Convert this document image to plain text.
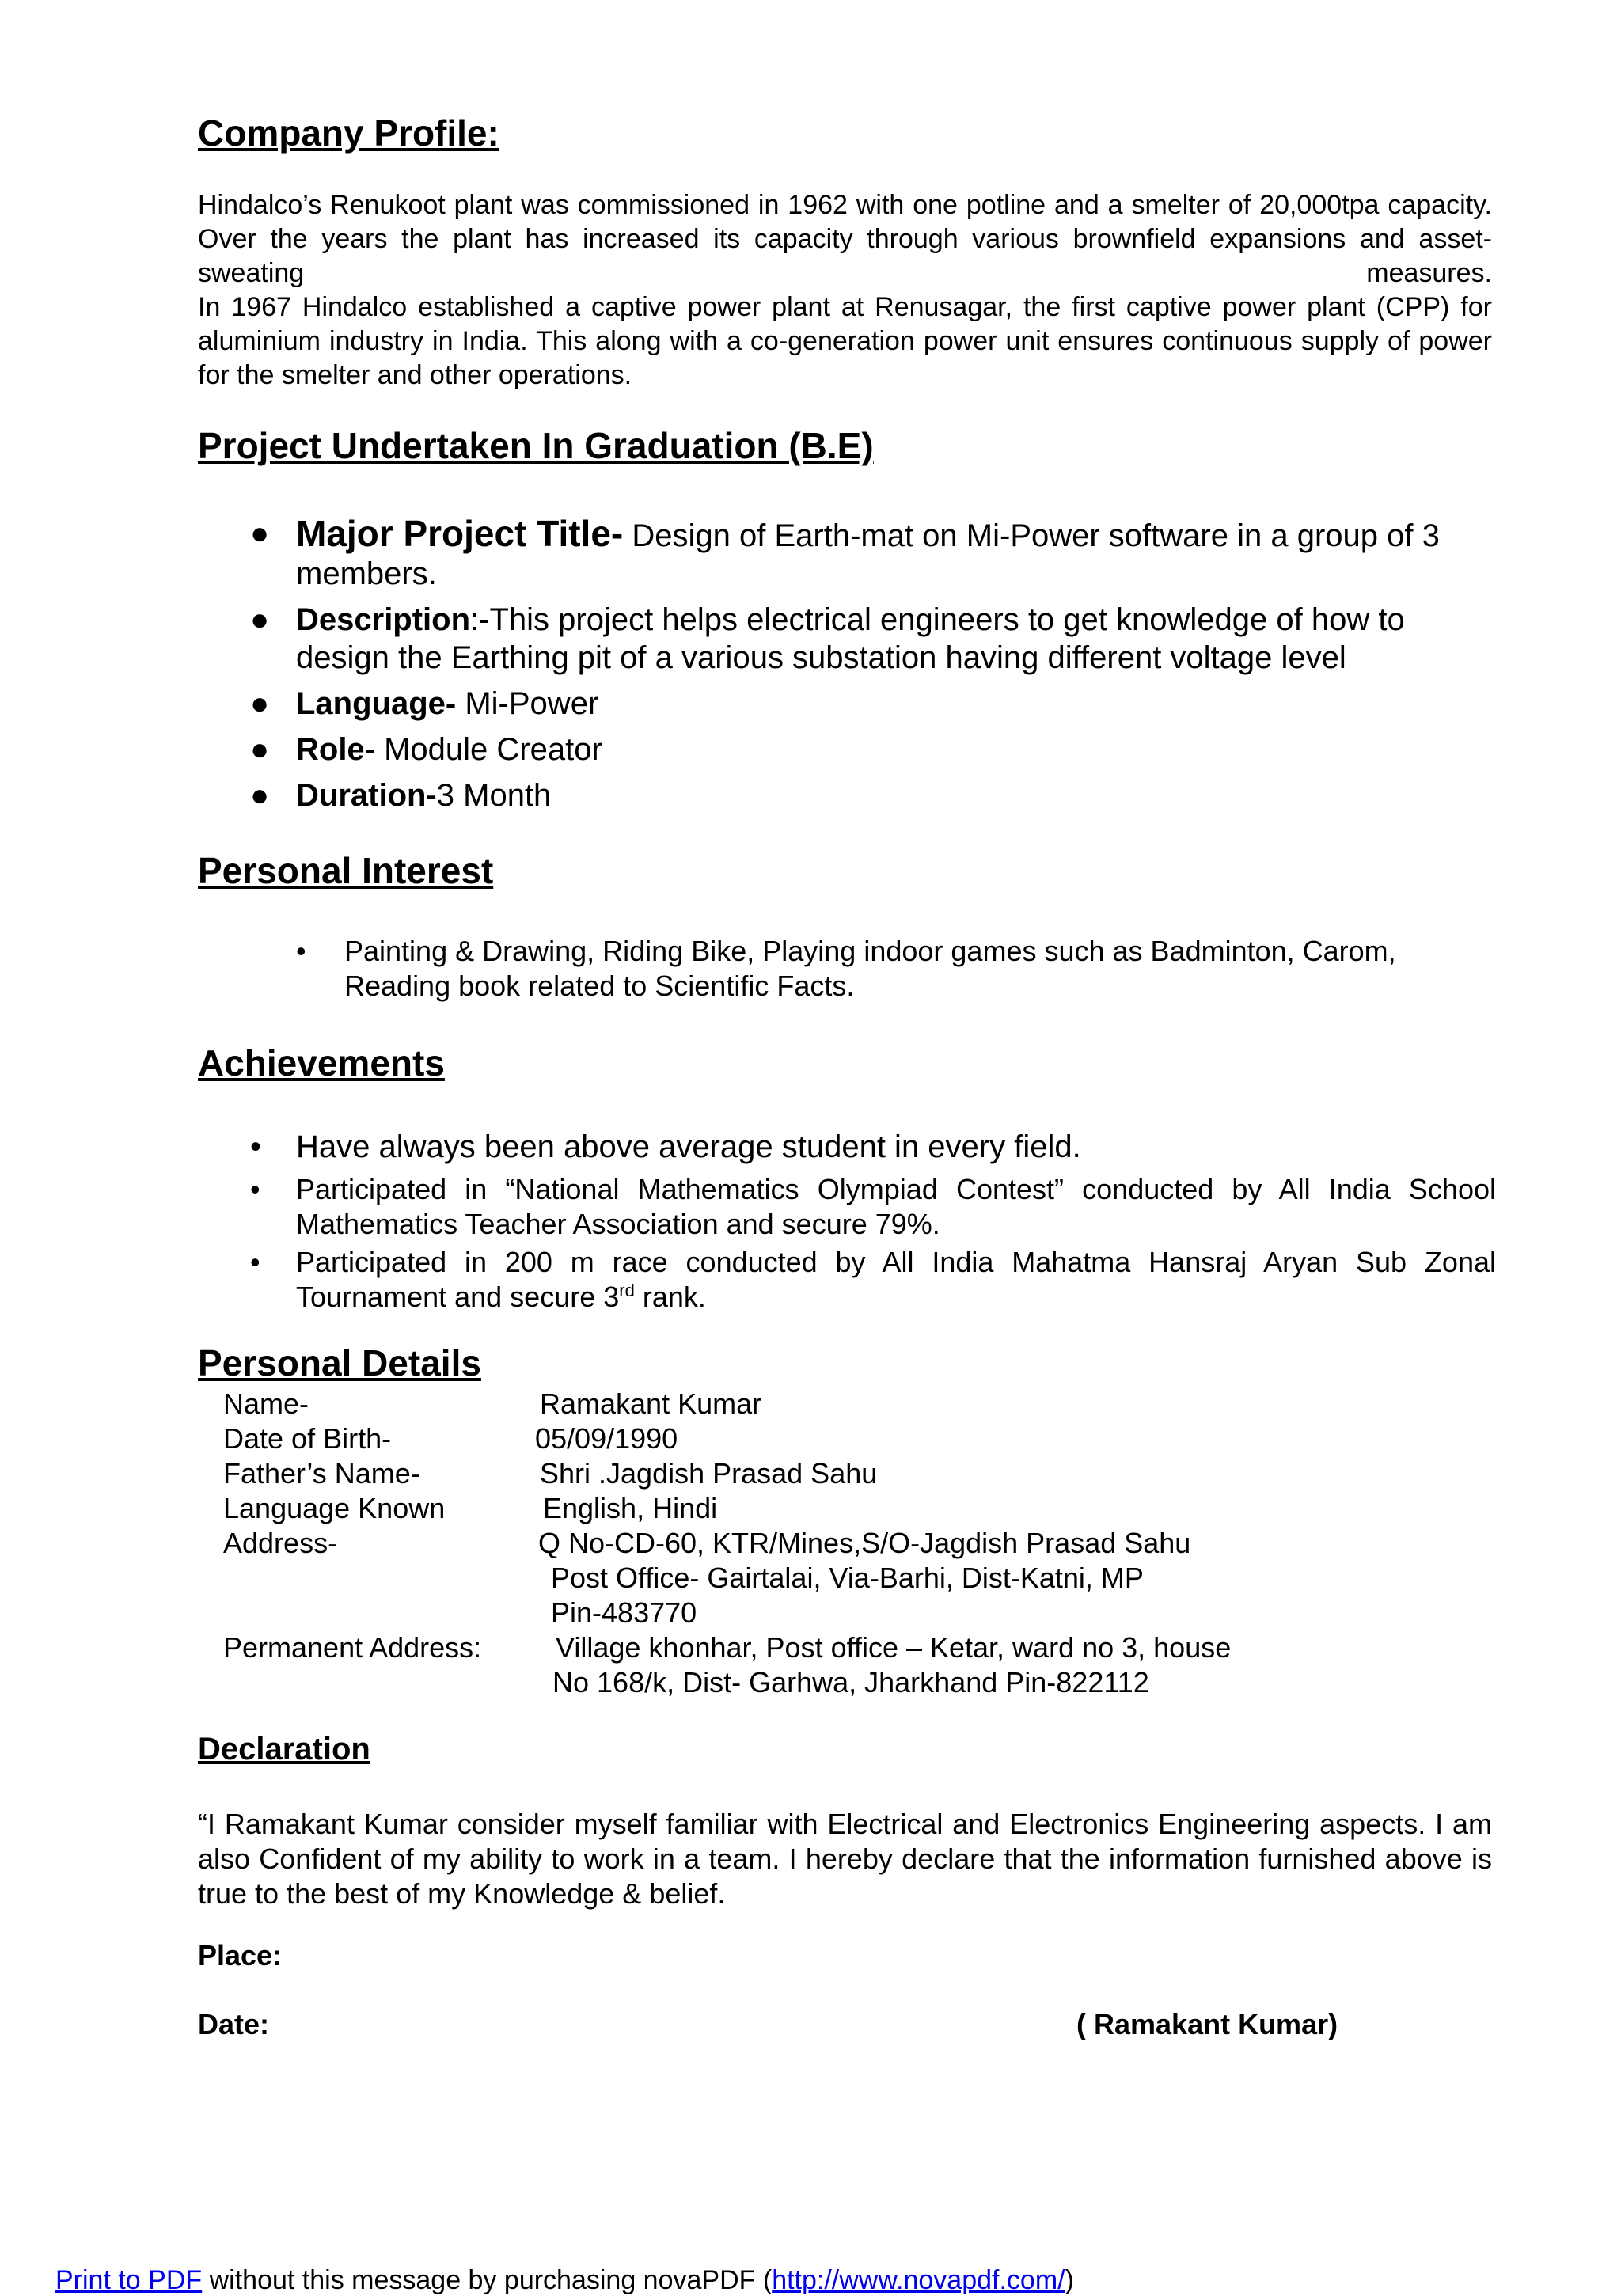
Company Profile:

Hindalco’s Renukoot plant was commissioned in 1962 with one potline and a smelter of 20,000tpa capacity. Over the years the plant has increased its capacity through various brownfield expansions and asset-sweating measures.

In 1967 Hindalco established a captive power plant at Renusagar, the first captive power plant (CPP) for aluminium industry in India. This along with a co-generation power unit ensures continuous supply of power for the smelter and other operations.

Project Undertaken In Graduation (B.E)
● Major Project Title- Design of Earth-mat on Mi-Power software in a group of 3 members.
● Description:-This project helps electrical engineers to get knowledge of how to design the Earthing pit of a various substation having different voltage level
● Language- Mi-Power
● Role- Module Creator
● Duration-3 Month
Personal Interest
• Painting & Drawing, Riding Bike, Playing indoor games such as Badminton, Carom, Reading book related to Scientific Facts.
Achievements
• Have always been above average student in every field.
• Participated in “National Mathematics Olympiad Contest” conducted by All India School Mathematics Teacher Association and secure 79%.
• Participated in 200 m race conducted by All India Mahatma Hansraj Aryan Sub Zonal Tournament and secure 3rd rank.
Personal Details
Name-	Ramakant Kumar
Date of Birth-	05/09/1990
Father’s Name-	Shri .Jagdish Prasad Sahu
Language Known	English, Hindi
Address-	Q No-CD-60, KTR/Mines,S/O-Jagdish Prasad Sahu
Post Office- Gairtalai, Via-Barhi, Dist-Katni, MP
Pin-483770
Permanent Address:	Village khonhar, Post office – Ketar, ward no 3, house
No 168/k, Dist- Garhwa, Jharkhand Pin-822112
Declaration

“I Ramakant Kumar consider myself familiar with Electrical and Electronics Engineering aspects. I am also Confident of my ability to work in a team. I hereby declare that the information furnished above is true to the best of my Knowledge & belief.

Place:
Date:	( Ramakant Kumar)
Print to PDF without this message by purchasing novaPDF (http://www.novapdf.com/)
